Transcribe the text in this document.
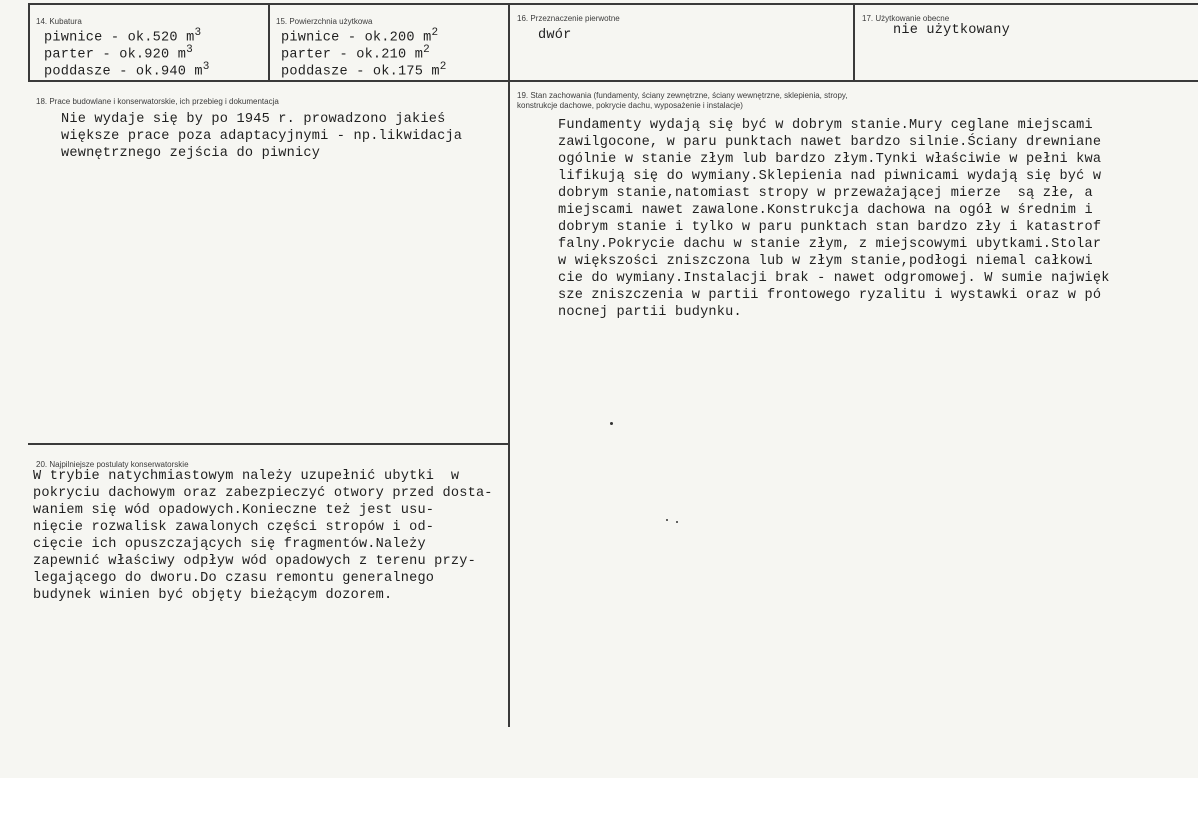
14. Kubatura
piwnice - ok.520 $m^3$
parter - ok.920 $m^3$
poddasze - ok.940 $m^3$
15. Powierzchnia użytkowa
piwnice - ok.200 $m^2$
parter - ok.210 $m^2$
poddasze - ok.175 $m^2$
16. Przeznaczenie pierwotne
dwór
17. Użytkowanie obecne
nie użytkowany
18. Prace budowlane i konserwatorskie, ich przebieg i dokumentacja
Nie wydaje się by po 1945 r. prowadzono jakieś
większe prace poza adaptacyjnymi - np.likwidacja
wewnętrznego zejścia do piwnicy
19. Stan zachowania (fundamenty, ściany zewnętrzne, ściany wewnętrzne, sklepienia, stropy,
konstrukcje dachowe, pokrycie dachu, wyposażenie i instalacje)
Fundamenty wydają się być w dobrym stanie.Mury ceglane miejscami
zawilgocone, w paru punktach nawet bardzo silnie.Ściany drewniane
ogólnie w stanie złym lub bardzo złym.Tynki właściwie w pełni kwa
lifikują się do wymiany.Sklepienia nad piwnicami wydają się być w
dobrym stanie,natomiast stropy w przeważającej mierze  są złe, a
miejscami nawet zawalone.Konstrukcja dachowa na ogół w średnim i
dobrym stanie i tylko w paru punktach stan bardzo zły i katastrof
falny.Pokrycie dachu w stanie złym, z miejscowymi ubytkami.Stolar
w większości zniszczona lub w złym stanie,podłogi niemal całkowi
cie do wymiany.Instalacji brak - nawet odgromowej. W sumie najwięk
sze zniszczenia w partii frontowego ryzalitu i wystawki oraz w pó
nocnej partii budynku.
20. Najpilniejsze postulaty konserwatorskie
W trybie natychmiastowym należy uzupełnić ubytki  w
pokryciu dachowym oraz zabezpieczyć otwory przed dosta-
waniem się wód opadowych.Konieczne też jest usu-
nięcie rozwalisk zawalonych części stropów i od-
cięcie ich opuszczających się fragmentów.Należy
zapewnić właściwy odpływ wód opadowych z terenu przy-
legającego do dworu.Do czasu remontu generalnego
budynek winien być objęty bieżącym dozorem.
